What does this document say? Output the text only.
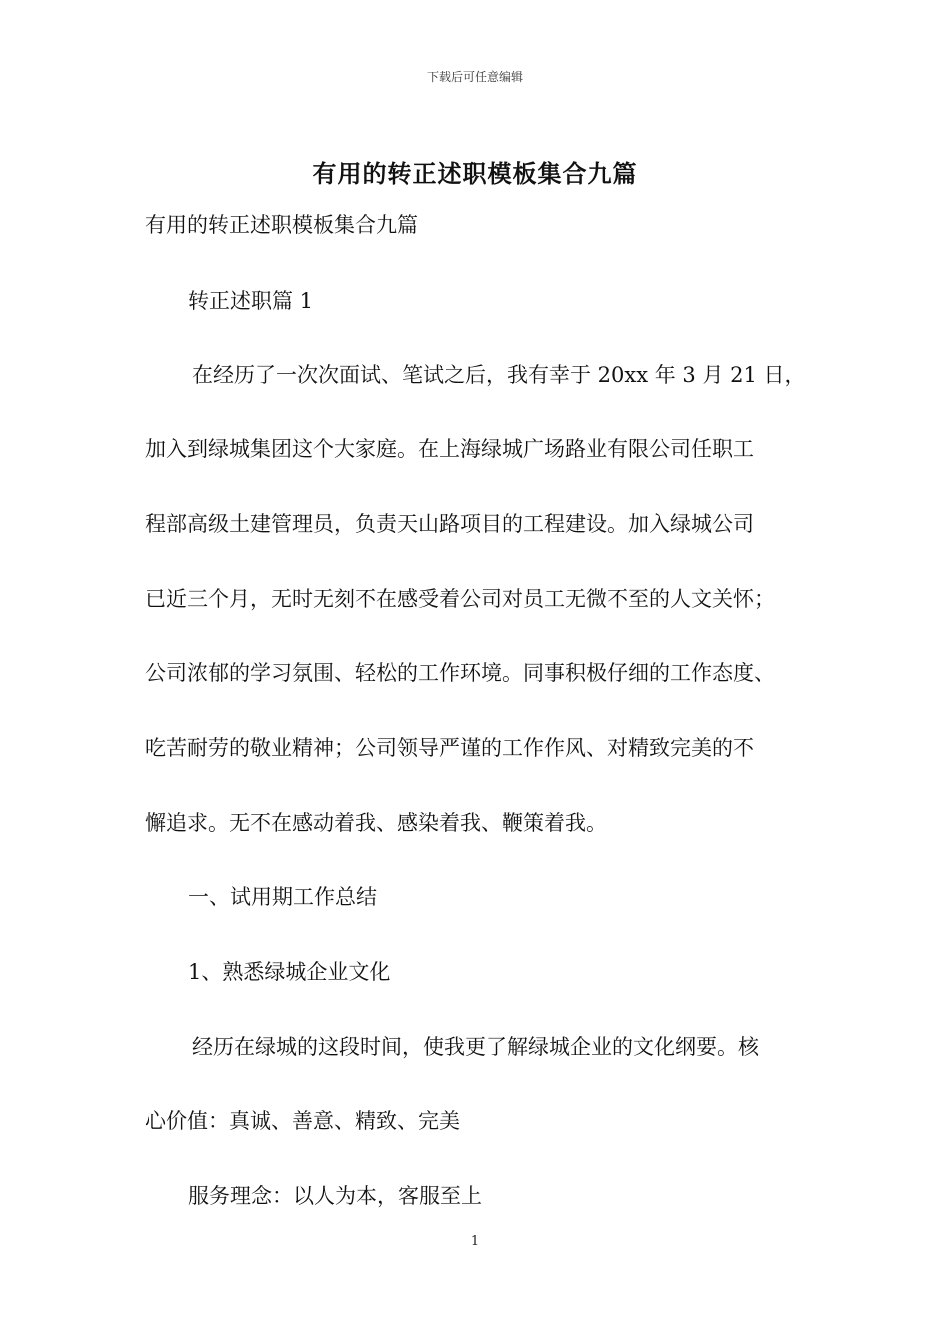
下载后可任意编辑
有用的转正述职模板集合九篇
有用的转正述职模板集合九篇
转正述职篇 1
在经历了一次次面试、笔试之后，我有幸于 20xx 年 3 月 21 日，
加入到绿城集团这个大家庭。在上海绿城广场路业有限公司任职工
程部高级土建管理员，负责天山路项目的工程建设。加入绿城公司
已近三个月，无时无刻不在感受着公司对员工无微不至的人文关怀；
公司浓郁的学习氛围、轻松的工作环境。同事积极仔细的工作态度、
吃苦耐劳的敬业精神；公司领导严谨的工作作风、对精致完美的不
懈追求。无不在感动着我、感染着我、鞭策着我。
一、试用期工作总结
1、熟悉绿城企业文化
经历在绿城的这段时间，使我更了解绿城企业的文化纲要。核
心价值：真诚、善意、精致、完美
服务理念：以人为本，客服至上
1
